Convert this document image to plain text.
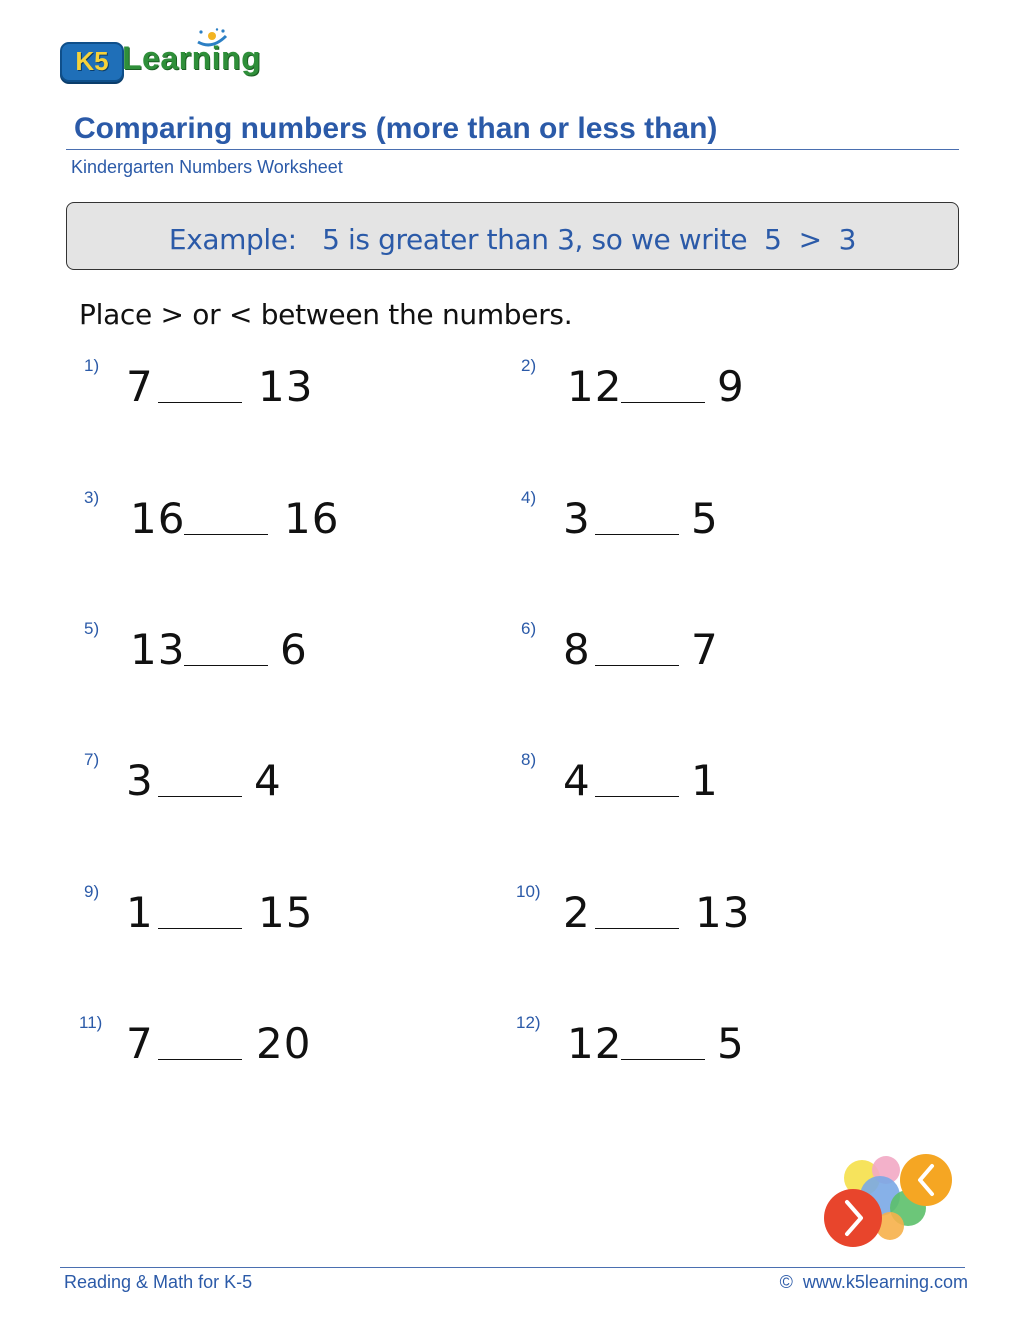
K5 Learning
Comparing numbers (more than or less than)
Kindergarten Numbers Worksheet
Example:   5 is greater than 3, so we write  5  >  3
Place > or < between the numbers.
1) 7 13	2) 12 9
3) 16 16	4) 3 5
5) 13 6	6) 8 7
7) 3 4	8) 4 1
9) 1 15	10) 2 13
11) 7 20	12) 12 5
Reading & Math for K-5	©  www.k5learning.com
